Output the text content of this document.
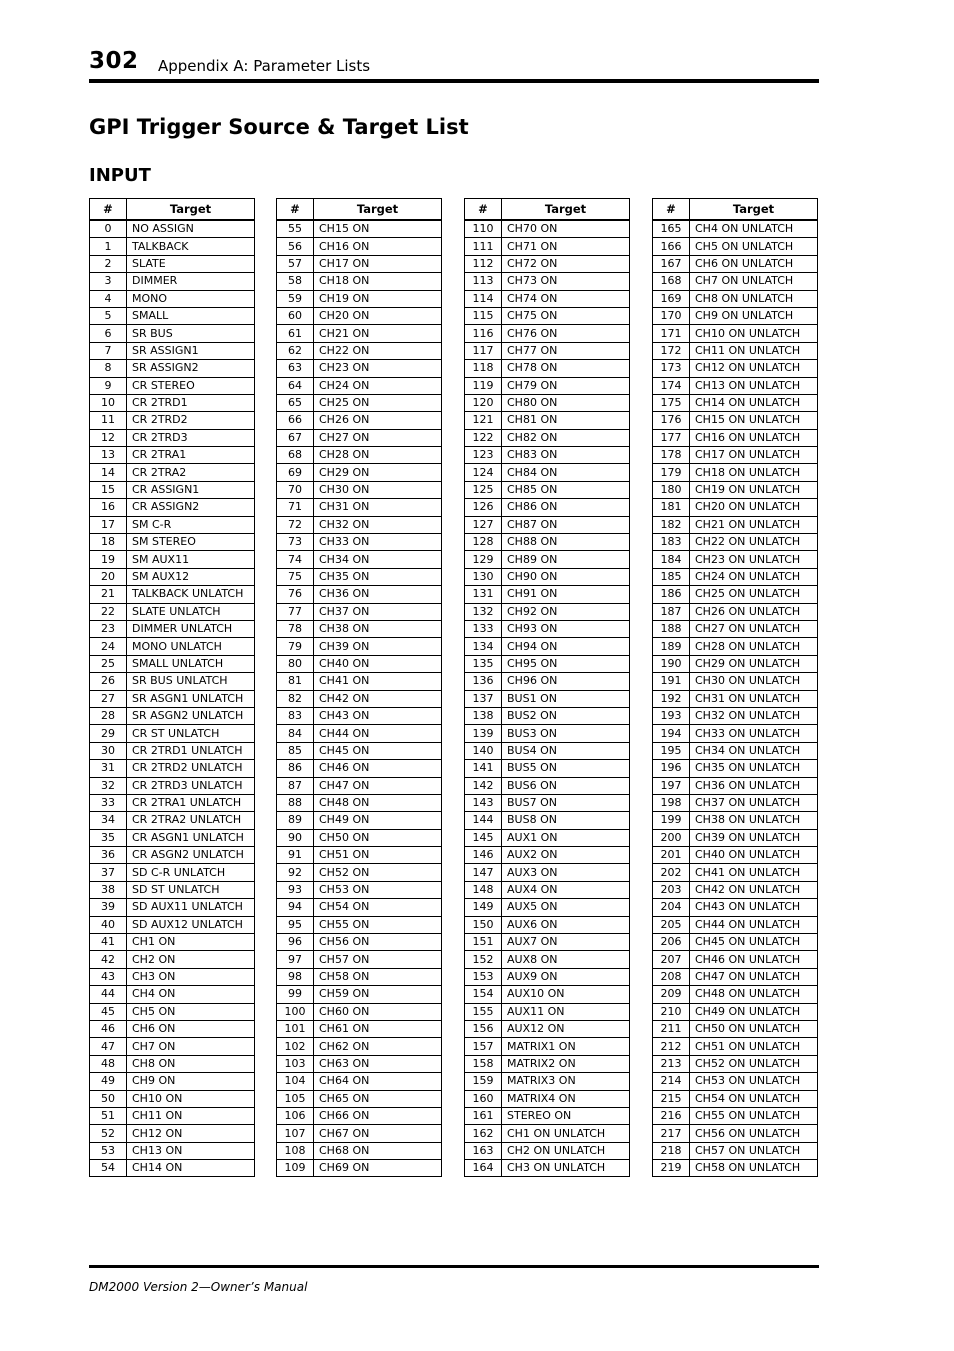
302 Appendix A: Parameter Lists
GPI Trigger Source & Target List
INPUT
#	Target
0	NO ASSIGN
1	TALKBACK
2	SLATE
3	DIMMER
4	MONO
5	SMALL
6	SR BUS
7	SR ASSIGN1
8	SR ASSIGN2
9	CR STEREO
10	CR 2TRD1
11	CR 2TRD2
12	CR 2TRD3
13	CR 2TRA1
14	CR 2TRA2
15	CR ASSIGN1
16	CR ASSIGN2
17	SM C-R
18	SM STEREO
19	SM AUX11
20	SM AUX12
21	TALKBACK UNLATCH
22	SLATE UNLATCH
23	DIMMER UNLATCH
24	MONO UNLATCH
25	SMALL UNLATCH
26	SR BUS UNLATCH
27	SR ASGN1 UNLATCH
28	SR ASGN2 UNLATCH
29	CR ST UNLATCH
30	CR 2TRD1 UNLATCH
31	CR 2TRD2 UNLATCH
32	CR 2TRD3 UNLATCH
33	CR 2TRA1 UNLATCH
34	CR 2TRA2 UNLATCH
35	CR ASGN1 UNLATCH
36	CR ASGN2 UNLATCH
37	SD C-R UNLATCH
38	SD ST UNLATCH
39	SD AUX11 UNLATCH
40	SD AUX12 UNLATCH
41	CH1 ON
42	CH2 ON
43	CH3 ON
44	CH4 ON
45	CH5 ON
46	CH6 ON
47	CH7 ON
48	CH8 ON
49	CH9 ON
50	CH10 ON
51	CH11 ON
52	CH12 ON
53	CH13 ON
54	CH14 ON
#	Target
55	CH15 ON
56	CH16 ON
57	CH17 ON
58	CH18 ON
59	CH19 ON
60	CH20 ON
61	CH21 ON
62	CH22 ON
63	CH23 ON
64	CH24 ON
65	CH25 ON
66	CH26 ON
67	CH27 ON
68	CH28 ON
69	CH29 ON
70	CH30 ON
71	CH31 ON
72	CH32 ON
73	CH33 ON
74	CH34 ON
75	CH35 ON
76	CH36 ON
77	CH37 ON
78	CH38 ON
79	CH39 ON
80	CH40 ON
81	CH41 ON
82	CH42 ON
83	CH43 ON
84	CH44 ON
85	CH45 ON
86	CH46 ON
87	CH47 ON
88	CH48 ON
89	CH49 ON
90	CH50 ON
91	CH51 ON
92	CH52 ON
93	CH53 ON
94	CH54 ON
95	CH55 ON
96	CH56 ON
97	CH57 ON
98	CH58 ON
99	CH59 ON
100	CH60 ON
101	CH61 ON
102	CH62 ON
103	CH63 ON
104	CH64 ON
105	CH65 ON
106	CH66 ON
107	CH67 ON
108	CH68 ON
109	CH69 ON
#	Target
110	CH70 ON
111	CH71 ON
112	CH72 ON
113	CH73 ON
114	CH74 ON
115	CH75 ON
116	CH76 ON
117	CH77 ON
118	CH78 ON
119	CH79 ON
120	CH80 ON
121	CH81 ON
122	CH82 ON
123	CH83 ON
124	CH84 ON
125	CH85 ON
126	CH86 ON
127	CH87 ON
128	CH88 ON
129	CH89 ON
130	CH90 ON
131	CH91 ON
132	CH92 ON
133	CH93 ON
134	CH94 ON
135	CH95 ON
136	CH96 ON
137	BUS1 ON
138	BUS2 ON
139	BUS3 ON
140	BUS4 ON
141	BUS5 ON
142	BUS6 ON
143	BUS7 ON
144	BUS8 ON
145	AUX1 ON
146	AUX2 ON
147	AUX3 ON
148	AUX4 ON
149	AUX5 ON
150	AUX6 ON
151	AUX7 ON
152	AUX8 ON
153	AUX9 ON
154	AUX10 ON
155	AUX11 ON
156	AUX12 ON
157	MATRIX1 ON
158	MATRIX2 ON
159	MATRIX3 ON
160	MATRIX4 ON
161	STEREO ON
162	CH1 ON UNLATCH
163	CH2 ON UNLATCH
164	CH3 ON UNLATCH
#	Target
165	CH4 ON UNLATCH
166	CH5 ON UNLATCH
167	CH6 ON UNLATCH
168	CH7 ON UNLATCH
169	CH8 ON UNLATCH
170	CH9 ON UNLATCH
171	CH10 ON UNLATCH
172	CH11 ON UNLATCH
173	CH12 ON UNLATCH
174	CH13 ON UNLATCH
175	CH14 ON UNLATCH
176	CH15 ON UNLATCH
177	CH16 ON UNLATCH
178	CH17 ON UNLATCH
179	CH18 ON UNLATCH
180	CH19 ON UNLATCH
181	CH20 ON UNLATCH
182	CH21 ON UNLATCH
183	CH22 ON UNLATCH
184	CH23 ON UNLATCH
185	CH24 ON UNLATCH
186	CH25 ON UNLATCH
187	CH26 ON UNLATCH
188	CH27 ON UNLATCH
189	CH28 ON UNLATCH
190	CH29 ON UNLATCH
191	CH30 ON UNLATCH
192	CH31 ON UNLATCH
193	CH32 ON UNLATCH
194	CH33 ON UNLATCH
195	CH34 ON UNLATCH
196	CH35 ON UNLATCH
197	CH36 ON UNLATCH
198	CH37 ON UNLATCH
199	CH38 ON UNLATCH
200	CH39 ON UNLATCH
201	CH40 ON UNLATCH
202	CH41 ON UNLATCH
203	CH42 ON UNLATCH
204	CH43 ON UNLATCH
205	CH44 ON UNLATCH
206	CH45 ON UNLATCH
207	CH46 ON UNLATCH
208	CH47 ON UNLATCH
209	CH48 ON UNLATCH
210	CH49 ON UNLATCH
211	CH50 ON UNLATCH
212	CH51 ON UNLATCH
213	CH52 ON UNLATCH
214	CH53 ON UNLATCH
215	CH54 ON UNLATCH
216	CH55 ON UNLATCH
217	CH56 ON UNLATCH
218	CH57 ON UNLATCH
219	CH58 ON UNLATCH
DM2000 Version 2—Owner’s Manual
